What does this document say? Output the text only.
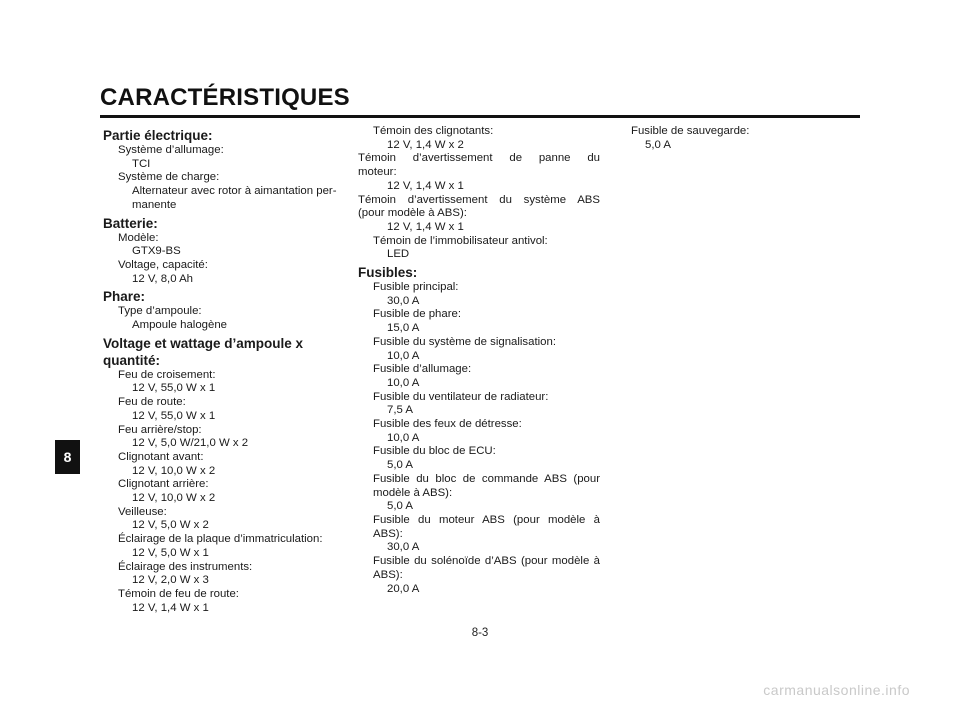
CARACTÉRISTIQUES
8
Partie électrique:
Système d’allumage:
TCI
Système de charge:
Alternateur avec rotor à aimantation per-
manente
Batterie:
Modèle:
GTX9-BS
Voltage, capacité:
12 V, 8,0 Ah
Phare:
Type d’ampoule:
Ampoule halogène
Voltage et wattage d’ampoule x quantité:
Feu de croisement:
12 V, 55,0 W x 1
Feu de route:
12 V, 55,0 W x 1
Feu arrière/stop:
12 V, 5,0 W/21,0 W x 2
Clignotant avant:
12 V, 10,0 W x 2
Clignotant arrière:
12 V, 10,0 W x 2
Veilleuse:
12 V, 5,0 W x 2
Éclairage de la plaque d’immatriculation:
12 V, 5,0 W x 1
Éclairage des instruments:
12 V, 2,0 W x 3
Témoin de feu de route:
12 V, 1,4 W x 1
Témoin des clignotants:
12 V, 1,4 W x 2
Témoin d’avertissement de panne du
moteur:
12 V, 1,4 W x 1
Témoin d’avertissement du système ABS
(pour modèle à ABS):
12 V, 1,4 W x 1
Témoin de l’immobilisateur antivol:
LED
Fusibles:
Fusible principal:
30,0 A
Fusible de phare:
15,0 A
Fusible du système de signalisation:
10,0 A
Fusible d’allumage:
10,0 A
Fusible du ventilateur de radiateur:
7,5 A
Fusible des feux de détresse:
10,0 A
Fusible du bloc de ECU:
5,0 A
Fusible du bloc de commande ABS (pour
modèle à ABS):
5,0 A
Fusible du moteur ABS (pour modèle à
ABS):
30,0 A
Fusible du solénoïde d’ABS (pour modèle à
ABS):
20,0 A
Fusible de sauvegarde:
5,0 A
8-3
carmanualsonline.info
